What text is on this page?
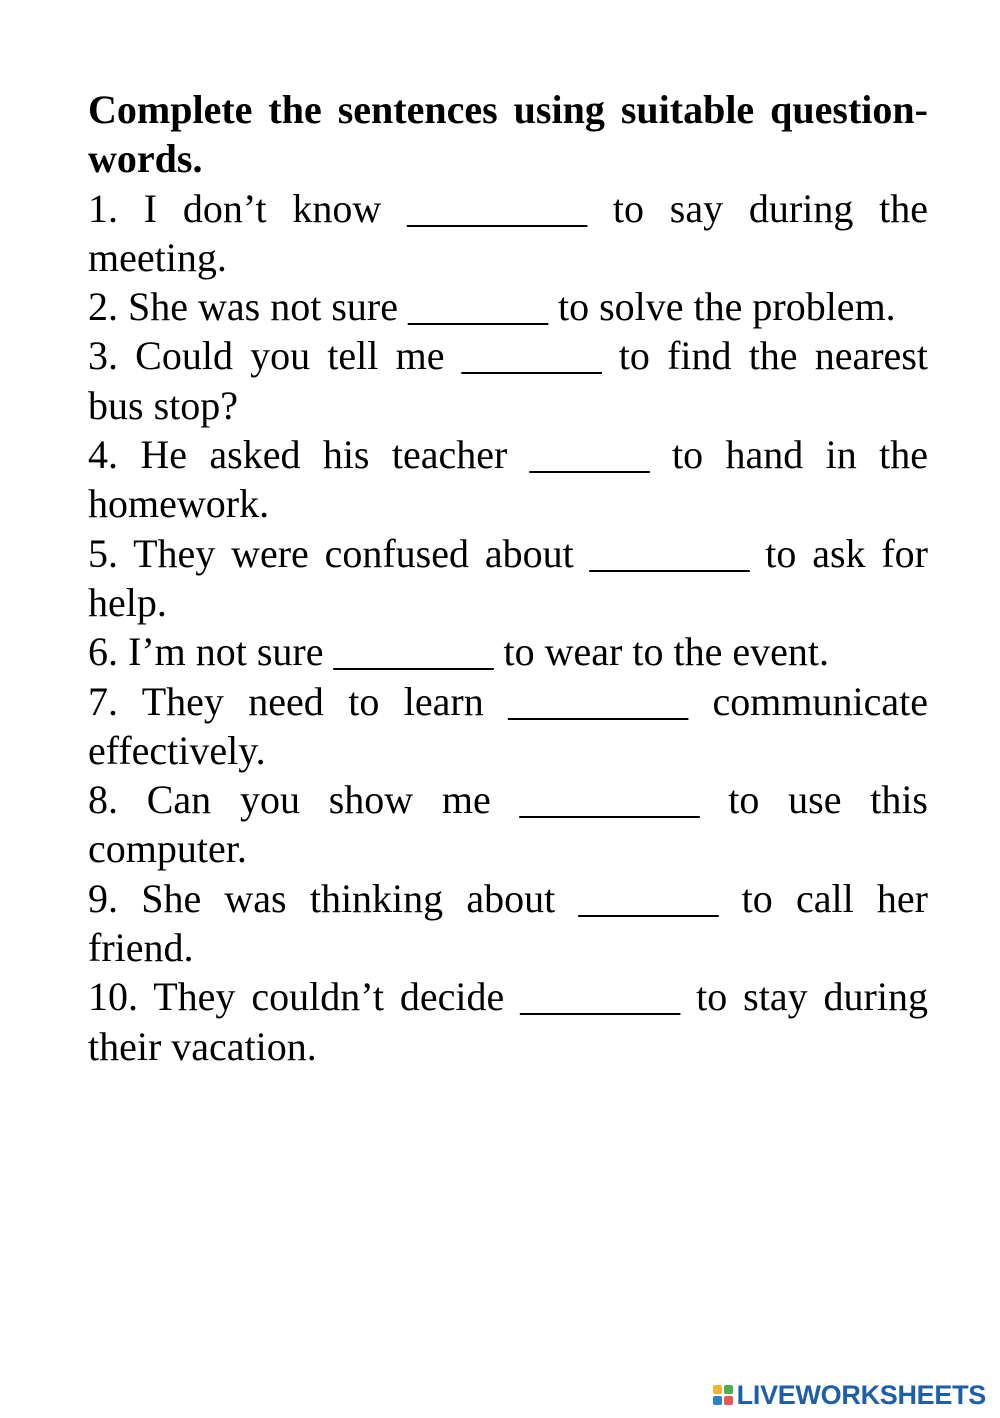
Complete the sentences using suitable question-words.

1. I don’t know _________ to say during the meeting.

2. She was not sure _______ to solve the problem.

3. Could you tell me _______ to find the nearest bus stop?

4. He asked his teacher ______ to hand in the homework.

5. They were confused about ________ to ask for help.

6. I’m not sure ________ to wear to the event.

7. They need to learn _________ communicate effectively.

8. Can you show me _________ to use this computer.

9. She was thinking about _______ to call her friend.

10. They couldn’t decide ________ to stay during their vacation.

LIVEWORKSHEETS
